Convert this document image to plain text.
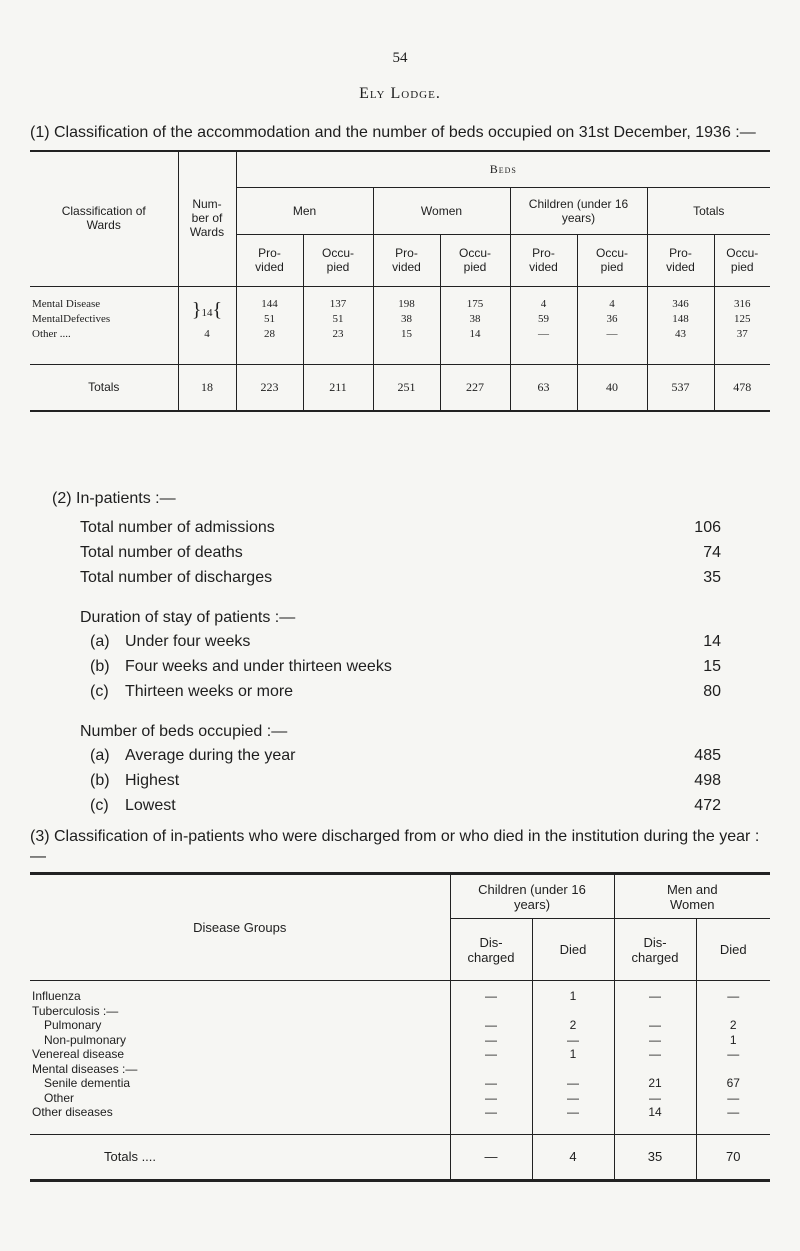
54
Ely Lodge.
(1) Classification of the accommodation and the number of beds occupied on 31st December, 1936 :—
Classification of Wards	Num-ber of Wards	Beds							
		Men		Women		Children (under 16 years)		Totals	
		Pro-vided	Occu-pied	Pro-vided	Occu-pied	Pro-vided	Occu-pied	Pro-vided	Occu-pied
Mental Disease	}14{	144	137	198	175	4	4	346	316
MentalDefectives		51	51	38	38	59	36	148	125
Other ....	4	28	23	15	14	—	—	43	37
Totals	18	223	211	251	227	63	40	537	478
(2) In-patients :—
Total number of admissions	106
Total number of deaths	74
Total number of discharges	35
Duration of stay of patients :—
(a) Under four weeks	14
(b) Four weeks and under thirteen weeks	15
(c) Thirteen weeks or more	80
Number of beds occupied :—
(a) Average during the year	485
(b) Highest	498
(c) Lowest	472
(3) Classification of in-patients who were discharged from or who died in the institution during the year :—
Disease Groups	Children (under 16 years)		Men and Women	
	Dis-charged	Died	Dis-charged	Died
Influenza	—	1	—	—
Tuberculosis :—				
Pulmonary	—	2	—	2
Non-pulmonary	—	—	—	1
Venereal disease	—	1	—	—
Mental diseases :—				
Senile dementia	—	—	21	67
Other	—	—	—	—
Other diseases	—	—	14	—
Totals ....	—	4	35	70
